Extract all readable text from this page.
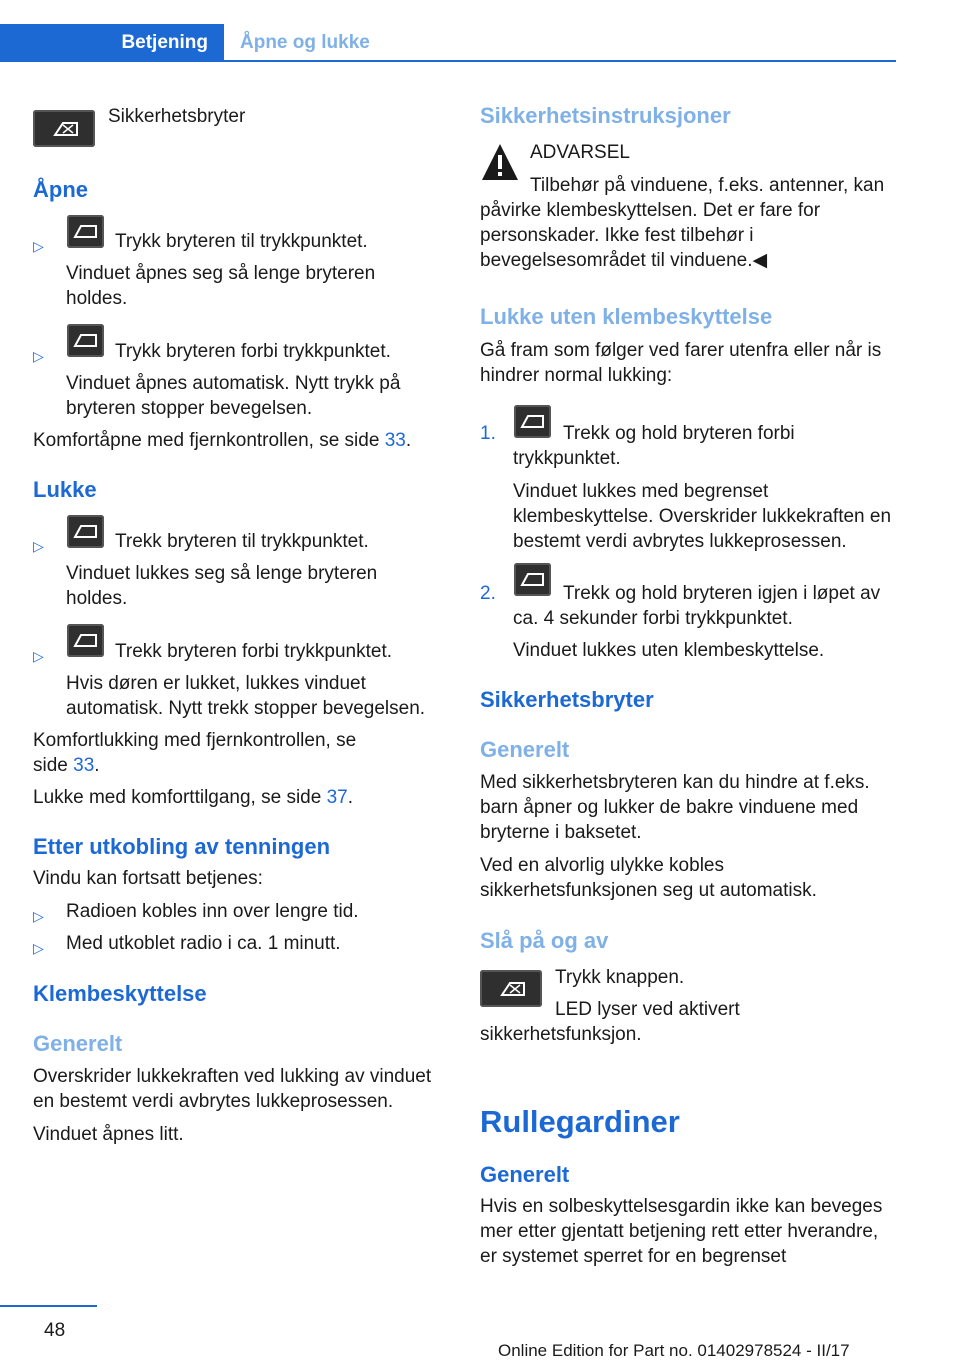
Betjening	Åpne og lukke
Sikkerhetsbryter
Åpne
▷	Trykk bryteren til trykkpunktet.
Vinduet åpnes seg så lenge bryteren holdes.
▷	Trykk bryteren forbi trykkpunktet.
Vinduet åpnes automatisk. Nytt trykk på bryteren stopper bevegelsen.
Komfortåpne med fjernkontrollen, se side 33.
Lukke
▷	Trekk bryteren til trykkpunktet.
Vinduet lukkes seg så lenge bryteren holdes.
▷	Trekk bryteren forbi trykkpunktet.
Hvis døren er lukket, lukkes vinduet automatisk. Nytt trekk stopper bevegelsen.
Komfortlukking med fjernkontrollen, se side 33.
Lukke med komforttilgang, se side 37.
Etter utkobling av tenningen
Vindu kan fortsatt betjenes:
▷ Radioen kobles inn over lengre tid.
▷ Med utkoblet radio i ca. 1 minutt.
Klembeskyttelse
Generelt
Overskrider lukkekraften ved lukking av vinduet en bestemt verdi avbrytes lukkeprosessen.
Vinduet åpnes litt.
Sikkerhetsinstruksjoner
ADVARSEL
Tilbehør på vinduene, f.eks. antenner, kan påvirke klembeskyttelsen. Det er fare for personskader. Ikke fest tilbehør i bevegelsesområdet til vinduene.◀
Lukke uten klembeskyttelse
Gå fram som følger ved farer utenfra eller når is hindrer normal lukking:
1.	Trekk og hold bryteren forbi trykkpunktet.
Vinduet lukkes med begrenset klembeskyttelse. Overskrider lukkekraften en bestemt verdi avbrytes lukkeprosessen.
2.	Trekk og hold bryteren igjen i løpet av ca. 4 sekunder forbi trykkpunktet.
Vinduet lukkes uten klembeskyttelse.
Sikkerhetsbryter
Generelt
Med sikkerhetsbryteren kan du hindre at f.eks. barn åpner og lukker de bakre vinduene med bryterne i baksetet.
Ved en alvorlig ulykke kobles sikkerhetsfunksjonen seg ut automatisk.
Slå på og av
Trykk knappen.
LED lyser ved aktivert sikkerhetsfunksjon.
Rullegardiner
Generelt
Hvis en solbeskyttelsesgardin ikke kan beveges mer etter gjentatt betjening rett etter hverandre, er systemet sperret for en begrenset
48
Online Edition for Part no. 01402978524 - II/17
